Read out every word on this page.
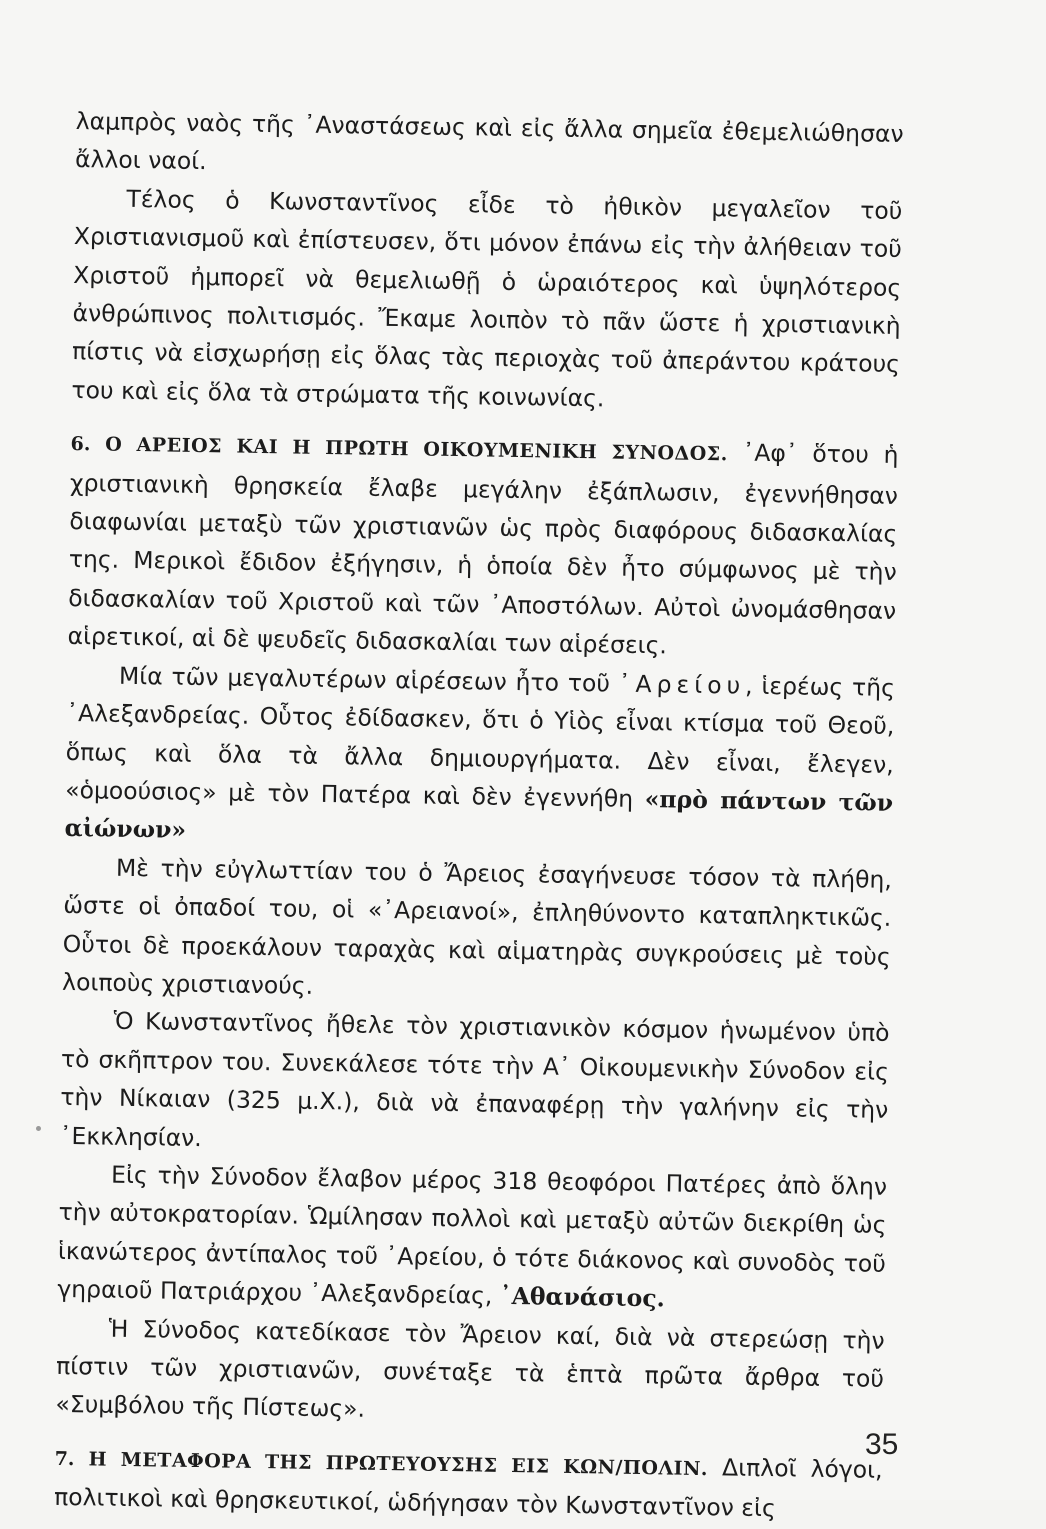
λαμπρὸς ναὸς τῆς ᾿Αναστάσεως καὶ εἰς ἄλλα σημεῖα ἐθεμελιώθησαν ἄλλοι ναοί.

Τέλος ὁ Κωνσταντῖνος εἶδε τὸ ἠθικὸν μεγαλεῖον τοῦ Χριστιανισμοῦ καὶ ἐπίστευσεν, ὅτι μόνον ἐπάνω εἰς τὴν ἀλήθειαν τοῦ Χριστοῦ ἠμπορεῖ νὰ θεμελιωθῇ ὁ ὡραιότερος καὶ ὑψηλότερος ἀνθρώπινος πολιτισμός. Ἔκαμε λοιπὸν τὸ πᾶν ὥστε ἡ χριστιανικὴ πίστις νὰ εἰσχωρήσῃ εἰς ὅλας τὰς περιοχὰς τοῦ ἀπεράντου κράτους του καὶ εἰς ὅλα τὰ στρώματα τῆς κοινωνίας.

6. Ο ΑΡΕΙΟΣ ΚΑΙ Η ΠΡΩΤΗ ΟΙΚΟΥΜΕΝΙΚΗ ΣΥΝΟΔΟΣ. ᾿Αφ᾿ ὅτου ἡ χριστιανικὴ θρησκεία ἔλαβε μεγάλην ἐξάπλωσιν, ἐγεννήθησαν διαφωνίαι μεταξὺ τῶν χριστιανῶν ὡς πρὸς διαφόρους διδασκαλίας της. Μερικοὶ ἔδιδον ἐξήγησιν, ἡ ὁποία δὲν ἦτο σύμφωνος μὲ τὴν διδασκαλίαν τοῦ Χριστοῦ καὶ τῶν ᾿Αποστόλων. Αὐτοὶ ὠνομάσθησαν αἱρετικοί, αἱ δὲ ψευδεῖς διδασκαλίαι των αἱρέσεις.

Μία τῶν μεγαλυτέρων αἱρέσεων ἦτο τοῦ ᾿Αρείου, ἱερέως τῆς ᾿Αλεξανδρείας. Οὗτος ἐδίδασκεν, ὅτι ὁ Υἱὸς εἶναι κτίσμα τοῦ Θεοῦ, ὅπως καὶ ὅλα τὰ ἄλλα δημιουργήματα. Δὲν εἶναι, ἔλεγεν, «ὁμοούσιος» μὲ τὸν Πατέρα καὶ δὲν ἐγεννήθη «πρὸ πάντων τῶν αἰώνων»

Μὲ τὴν εὐγλωττίαν του ὁ Ἄρειος ἐσαγήνευσε τόσον τὰ πλήθη, ὥστε οἱ ὀπαδοί του, οἱ «᾿Αρειανοί», ἐπληθύνοντο καταπληκτικῶς. Οὗτοι δὲ προεκάλουν ταραχὰς καὶ αἱματηρὰς συγκρούσεις μὲ τοὺς λοιποὺς χριστιανούς.

Ὁ Κωνσταντῖνος ἤθελε τὸν χριστιανικὸν κόσμον ἡνωμένον ὑπὸ τὸ σκῆπτρον του. Συνεκάλεσε τότε τὴν Α᾿ Οἰκουμενικὴν Σύνοδον εἰς τὴν Νίκαιαν (325 μ.Χ.), διὰ νὰ ἐπαναφέρῃ τὴν γαλήνην εἰς τὴν ᾿Εκκλησίαν.

Εἰς τὴν Σύνοδον ἔλαβον μέρος 318 θεοφόροι Πατέρες ἀπὸ ὅλην τὴν αὐτοκρατορίαν. Ὡμίλησαν πολλοὶ καὶ μεταξὺ αὐτῶν διεκρίθη ὡς ἱκανώτερος ἀντίπαλος τοῦ ᾿Αρείου, ὁ τότε διάκονος καὶ συνοδὸς τοῦ γηραιοῦ Πατριάρχου ᾿Αλεξανδρείας, ᾿Αθανάσιος.

Ἡ Σύνοδος κατεδίκασε τὸν Ἄρειον καί, διὰ νὰ στερεώσῃ τὴν πίστιν τῶν χριστιανῶν, συνέταξε τὰ ἑπτὰ πρῶτα ἄρθρα τοῦ «Συμβόλου τῆς Πίστεως».

7. Η ΜΕΤΑΦΟΡΑ ΤΗΣ ΠΡΩΤΕΥΟΥΣΗΣ ΕΙΣ ΚΩΝ/ΠΟΛΙΝ. Διπλοῖ λόγοι, πολιτικοὶ καὶ θρησκευτικοί, ὡδήγησαν τὸν Κωνσταντῖνον εἰς

35
